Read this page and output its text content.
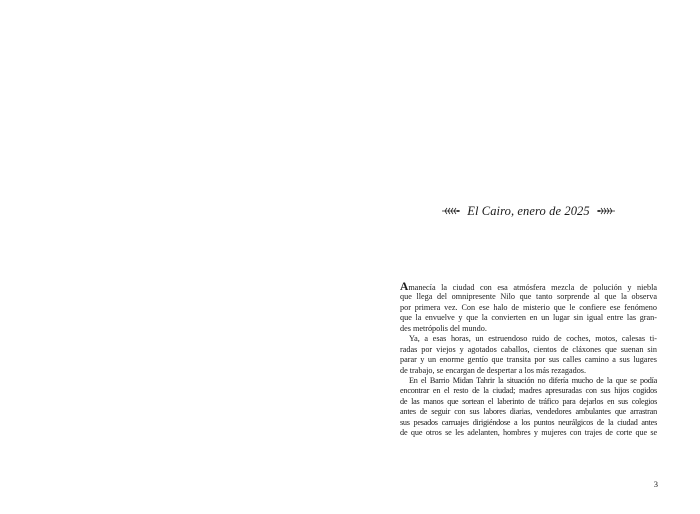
El Cairo, enero de 2025
Amanecía la ciudad con esa atmósfera mezcla de polución y niebla
que llega del omnipresente Nilo que tanto sorprende al que la observa
por primera vez. Con ese halo de misterio que le confiere ese fenómeno
que la envuelve y que la convierten en un lugar sin igual entre las gran-
des metrópolis del mundo.
Ya, a esas horas, un estruendoso ruido de coches, motos, calesas ti-
radas por viejos y agotados caballos, cientos de cláxones que suenan sin
parar y un enorme gentío que transita por sus calles camino a sus lugares
de trabajo, se encargan de despertar a los más rezagados.
En el Barrio Midan Tahrir la situación no difería mucho de la que se podía
encontrar en el resto de la ciudad; madres apresuradas con sus hijos cogidos
de las manos que sortean el laberinto de tráfico para dejarlos en sus colegios
antes de seguir con sus labores diarias, vendedores ambulantes que arrastran
sus pesados carruajes dirigiéndose a los puntos neurálgicos de la ciudad antes
de que otros se les adelanten, hombres y mujeres con trajes de corte que se
3
